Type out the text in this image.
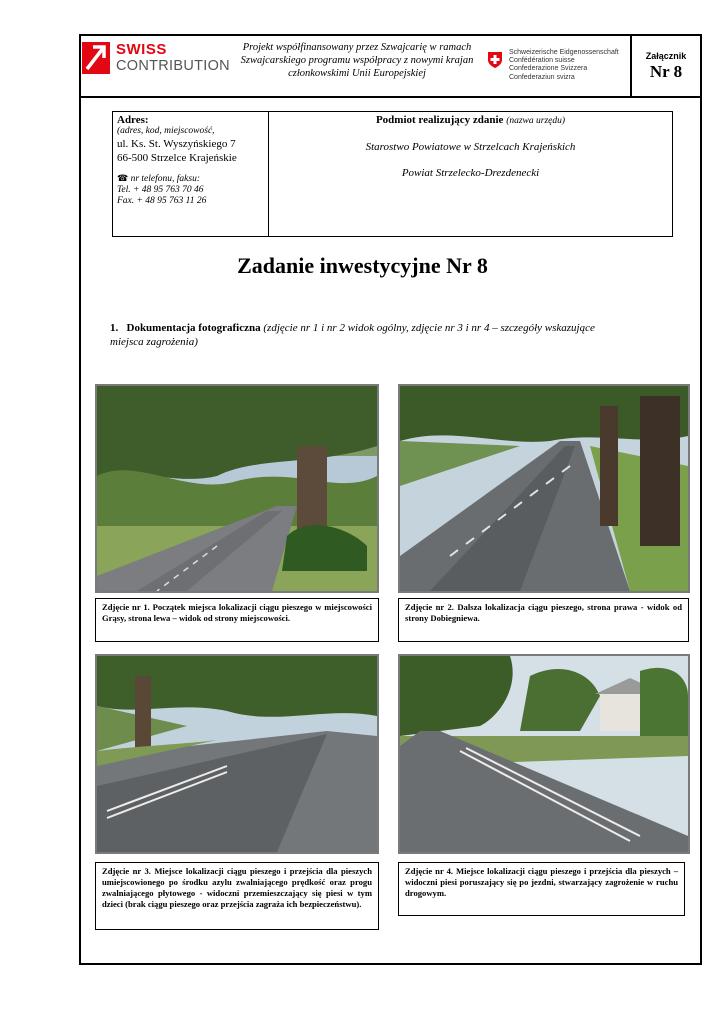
SWISS
CONTRIBUTION
Projekt współfinansowany przez Szwajcarię w ramach Szwajcarskiego programu współpracy z nowymi krajan członkowskimi Unii Europejskiej
Schweizerische Eidgenossenschaft
Confédération suisse
Confederazione Svizzera
Confederaziun svizra
Załącznik
Nr 8
Adres:
(adres, kod, miejscowość,
ul. Ks. St. Wyszyńskiego 7
66-500 Strzelce Krajeńskie
☎ nr telefonu, faksu:
Tel. + 48 95 763 70 46
Fax. + 48 95 763 11 26
Podmiot realizujący zdanie (nazwa urzędu)
Starostwo Powiatowe w Strzelcach Krajeńskich
Powiat Strzelecko-Drezdenecki
Zadanie inwestycyjne Nr 8
1. Dokumentacja fotograficzna (zdjęcie nr 1 i nr 2 widok ogólny, zdjęcie nr 3 i nr 4 – szczegóły wskazujące miejsca zagrożenia)
Zdjęcie nr 1. Początek miejsca lokalizacji ciągu pieszego w miejscowości Grąsy, strona lewa – widok od strony miejscowości.
Zdjęcie nr 2. Dalsza lokalizacja ciągu pieszego, strona prawa - widok od strony Dobiegniewa.
Zdjęcie nr 3. Miejsce lokalizacji ciągu pieszego i przejścia dla pieszych umiejscowionego po środku azylu zwalniającego prędkość oraz progu zwalniającego płytowego - widoczni przemieszczający się piesi w tym dzieci (brak ciągu pieszego oraz przejścia zagraża ich bezpieczeństwu).
Zdjęcie nr 4. Miejsce lokalizacji ciągu pieszego i przejścia dla pieszych – widoczni piesi poruszający się po jezdni, stwarzający zagrożenie w ruchu drogowym.
